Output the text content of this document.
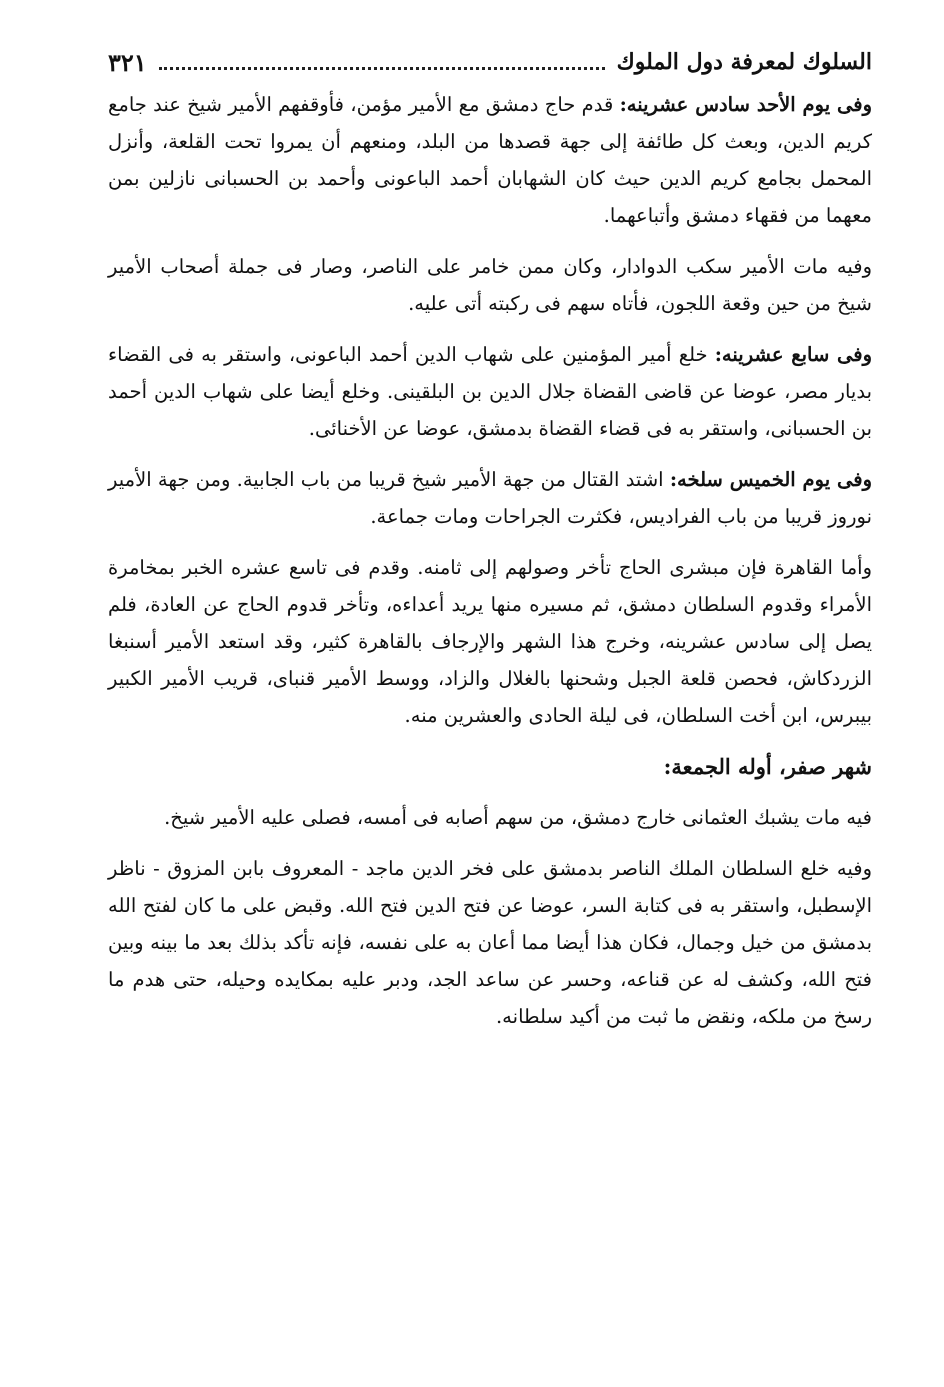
السلوك لمعرفة دول الملوك
٣٢١

وفى يوم الأحد سادس عشرينه: قدم حاج دمشق مع الأمير مؤمن، فأوقفهم الأمير شيخ عند جامع كريم الدين، وبعث كل طائفة إلى جهة قصدها من البلد، ومنعهم أن يمروا تحت القلعة، وأنزل المحمل بجامع كريم الدين حيث كان الشهابان أحمد الباعونى وأحمد بن الحسبانى نازلين بمن معهما من فقهاء دمشق وأتباعهما.

وفيه مات الأمير سكب الدوادار، وكان ممن خامر على الناصر، وصار فى جملة أصحاب الأمير شيخ من حين وقعة اللجون، فأتاه سهم فى ركبته أتى عليه.

وفى سابع عشرينه: خلع أمير المؤمنين على شهاب الدين أحمد الباعونى، واستقر به فى القضاء بديار مصر، عوضا عن قاضى القضاة جلال الدين بن البلقينى. وخلع أيضا على شهاب الدين أحمد بن الحسبانى، واستقر به فى قضاء القضاة بدمشق، عوضا عن الأخنائى.

وفى يوم الخميس سلخه: اشتد القتال من جهة الأمير شيخ قريبا من باب الجابية. ومن جهة الأمير نوروز قريبا من باب الفراديس، فكثرت الجراحات ومات جماعة.

وأما القاهرة فإن مبشرى الحاج تأخر وصولهم إلى ثامنه. وقدم فى تاسع عشره الخبر بمخامرة الأمراء وقدوم السلطان دمشق، ثم مسيره منها يريد أعداءه، وتأخر قدوم الحاج عن العادة، فلم يصل إلى سادس عشرينه، وخرج هذا الشهر والإرجاف بالقاهرة كثير، وقد استعد الأمير أسنبغا الزردكاش، فحصن قلعة الجبل وشحنها بالغلال والزاد، ووسط الأمير قنباى، قريب الأمير الكبير بيبرس، ابن أخت السلطان، فى ليلة الحادى والعشرين منه.

شهر صفر، أوله الجمعة:

فيه مات يشبك العثمانى خارج دمشق، من سهم أصابه فى أمسه، فصلى عليه الأمير شيخ.

وفيه خلع السلطان الملك الناصر بدمشق على فخر الدين ماجد - المعروف بابن المزوق - ناظر الإسطبل، واستقر به فى كتابة السر، عوضا عن فتح الدين فتح الله. وقبض على ما كان لفتح الله بدمشق من خيل وجمال، فكان هذا أيضا مما أعان به على نفسه، فإنه تأكد بذلك بعد ما بينه وبين فتح الله، وكشف له عن قناعه، وحسر عن ساعد الجد، ودبر عليه بمكايده وحيله، حتى هدم ما رسخ من ملكه، ونقض ما ثبت من أكيد سلطانه.
